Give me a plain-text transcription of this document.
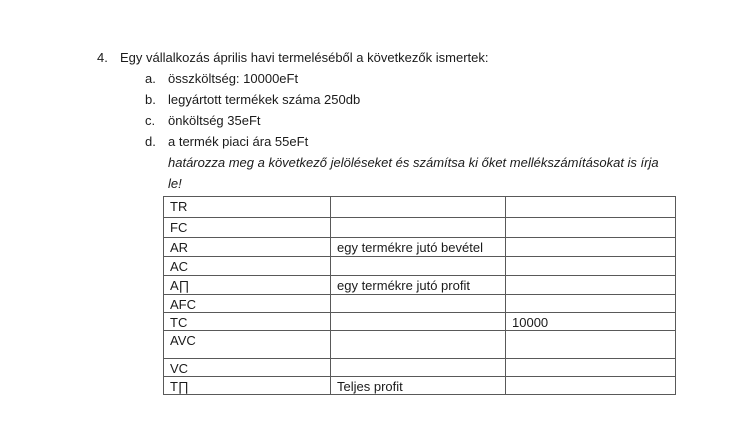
4. Egy vállalkozás április havi termeléséből a következők ismertek:
a. összköltség: 10000eFt
b. legyártott termékek száma 250db
c. önköltség 35eFt
d. a termék piaci ára 55eFt
határozza meg a következő jelöléseket és számítsa ki őket mellékszámításokat is írja
le!
TR		
FC		
AR	egy termékre jutó bevétel	
AC		
A∏	egy termékre jutó profit	
AFC		
TC		10000
AVC		
VC		
T∏	Teljes profit	
